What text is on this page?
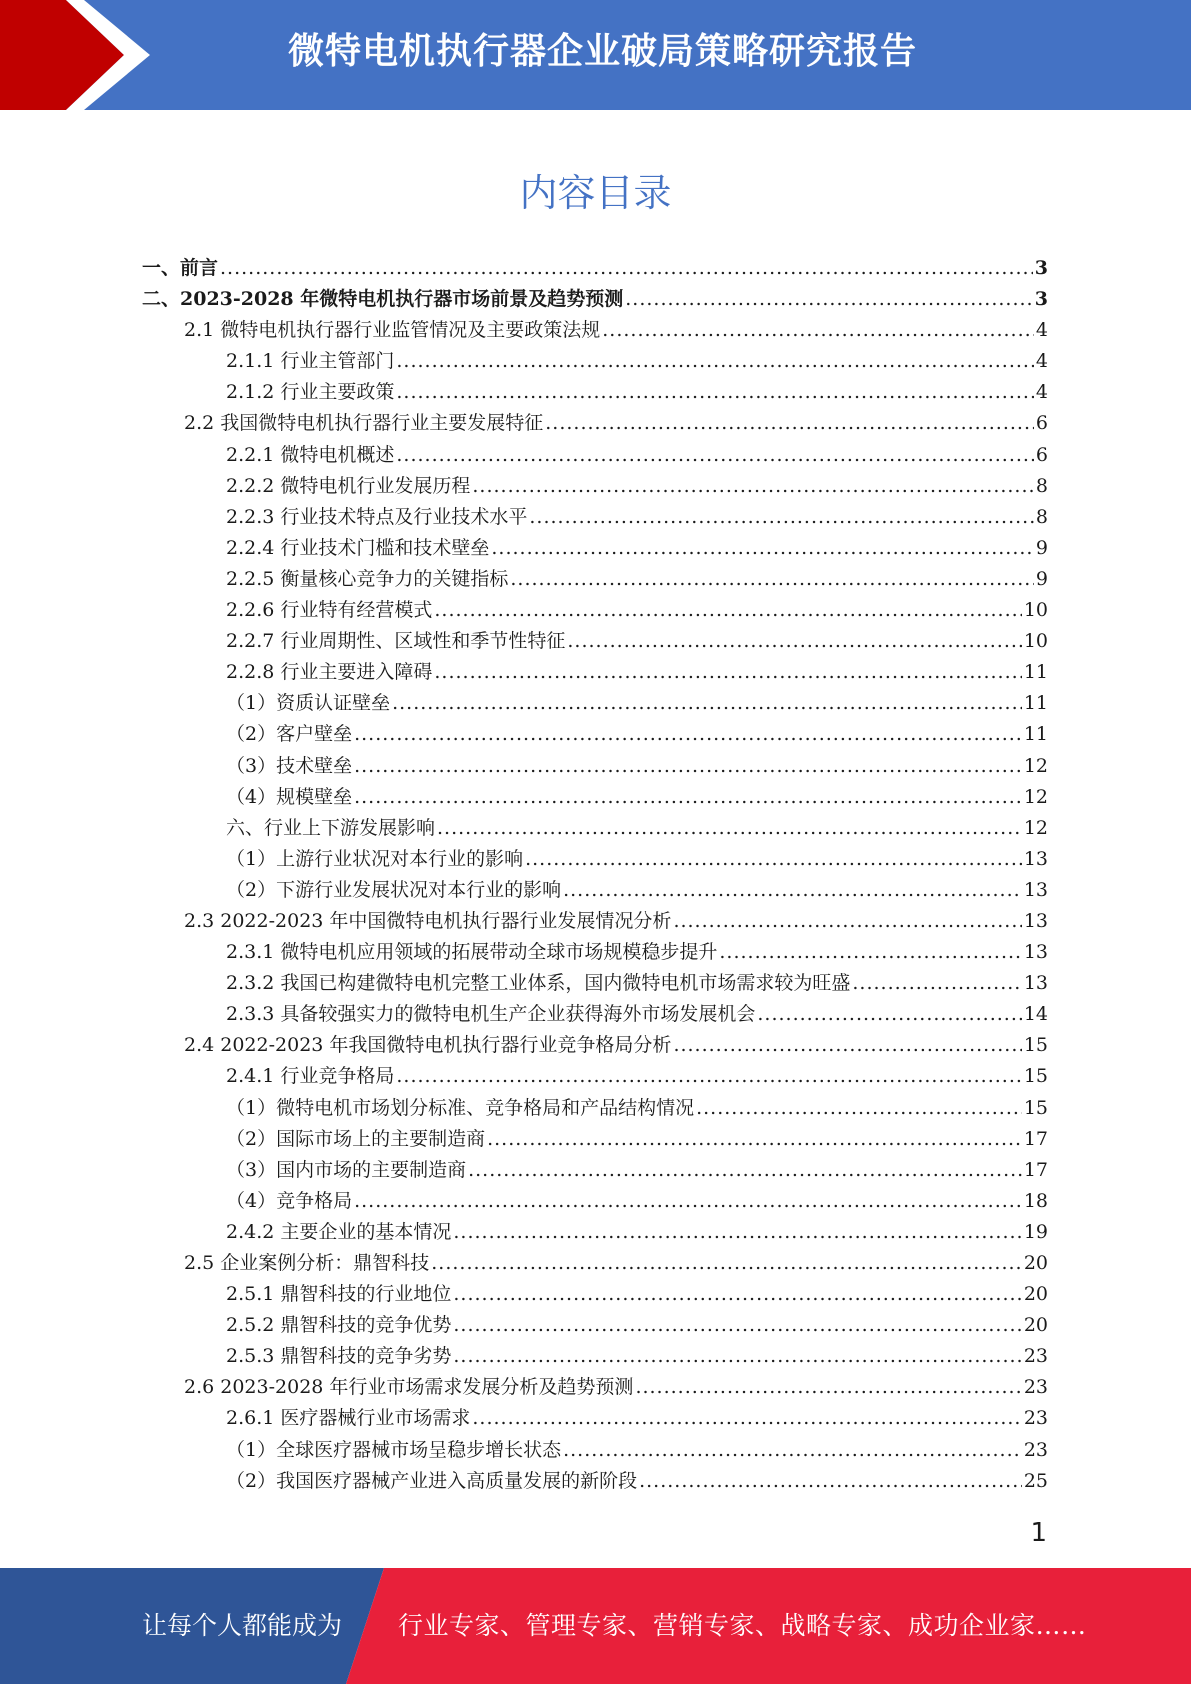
微特电机执行器企业破局策略研究报告
内容目录
一、前言 .....	3
二、2023-2028 年微特电机执行器市场前景及趋势预测 .....	3
2.1 微特电机执行器行业监管情况及主要政策法规 .....	4
2.1.1 行业主管部门 .....	4
2.1.2 行业主要政策 .....	4
2.2 我国微特电机执行器行业主要发展特征 .....	6
2.2.1 微特电机概述 .....	6
2.2.2 微特电机行业发展历程 .....	8
2.2.3 行业技术特点及行业技术水平 .....	8
2.2.4 行业技术门槛和技术壁垒 .....	9
2.2.5 衡量核心竞争力的关键指标 .....	9
2.2.6 行业特有经营模式 .....	10
2.2.7 行业周期性、区域性和季节性特征 .....	10
2.2.8 行业主要进入障碍 .....	11
（1）资质认证壁垒 .....	11
（2）客户壁垒 .....	11
（3）技术壁垒 .....	12
（4）规模壁垒 .....	12
六、行业上下游发展影响 .....	12
（1）上游行业状况对本行业的影响 .....	13
（2）下游行业发展状况对本行业的影响 .....	13
2.3 2022-2023 年中国微特电机执行器行业发展情况分析 .....	13
2.3.1 微特电机应用领域的拓展带动全球市场规模稳步提升 .....	13
2.3.2 我国已构建微特电机完整工业体系，国内微特电机市场需求较为旺盛 .....	13
2.3.3 具备较强实力的微特电机生产企业获得海外市场发展机会 .....	14
2.4 2022-2023 年我国微特电机执行器行业竞争格局分析 .....	15
2.4.1 行业竞争格局 .....	15
（1）微特电机市场划分标准、竞争格局和产品结构情况 .....	15
（2）国际市场上的主要制造商 .....	17
（3）国内市场的主要制造商 .....	17
（4）竞争格局 .....	18
2.4.2 主要企业的基本情况 .....	19
2.5 企业案例分析：鼎智科技 .....	20
2.5.1 鼎智科技的行业地位 .....	20
2.5.2 鼎智科技的竞争优势 .....	20
2.5.3 鼎智科技的竞争劣势 .....	23
2.6 2023-2028 年行业市场需求发展分析及趋势预测 .....	23
2.6.1 医疗器械行业市场需求 .....	23
（1）全球医疗器械市场呈稳步增长状态 .....	23
（2）我国医疗器械产业进入高质量发展的新阶段 .....	25
1
让每个人都能成为 行业专家、管理专家、营销专家、战略专家、成功企业家……
